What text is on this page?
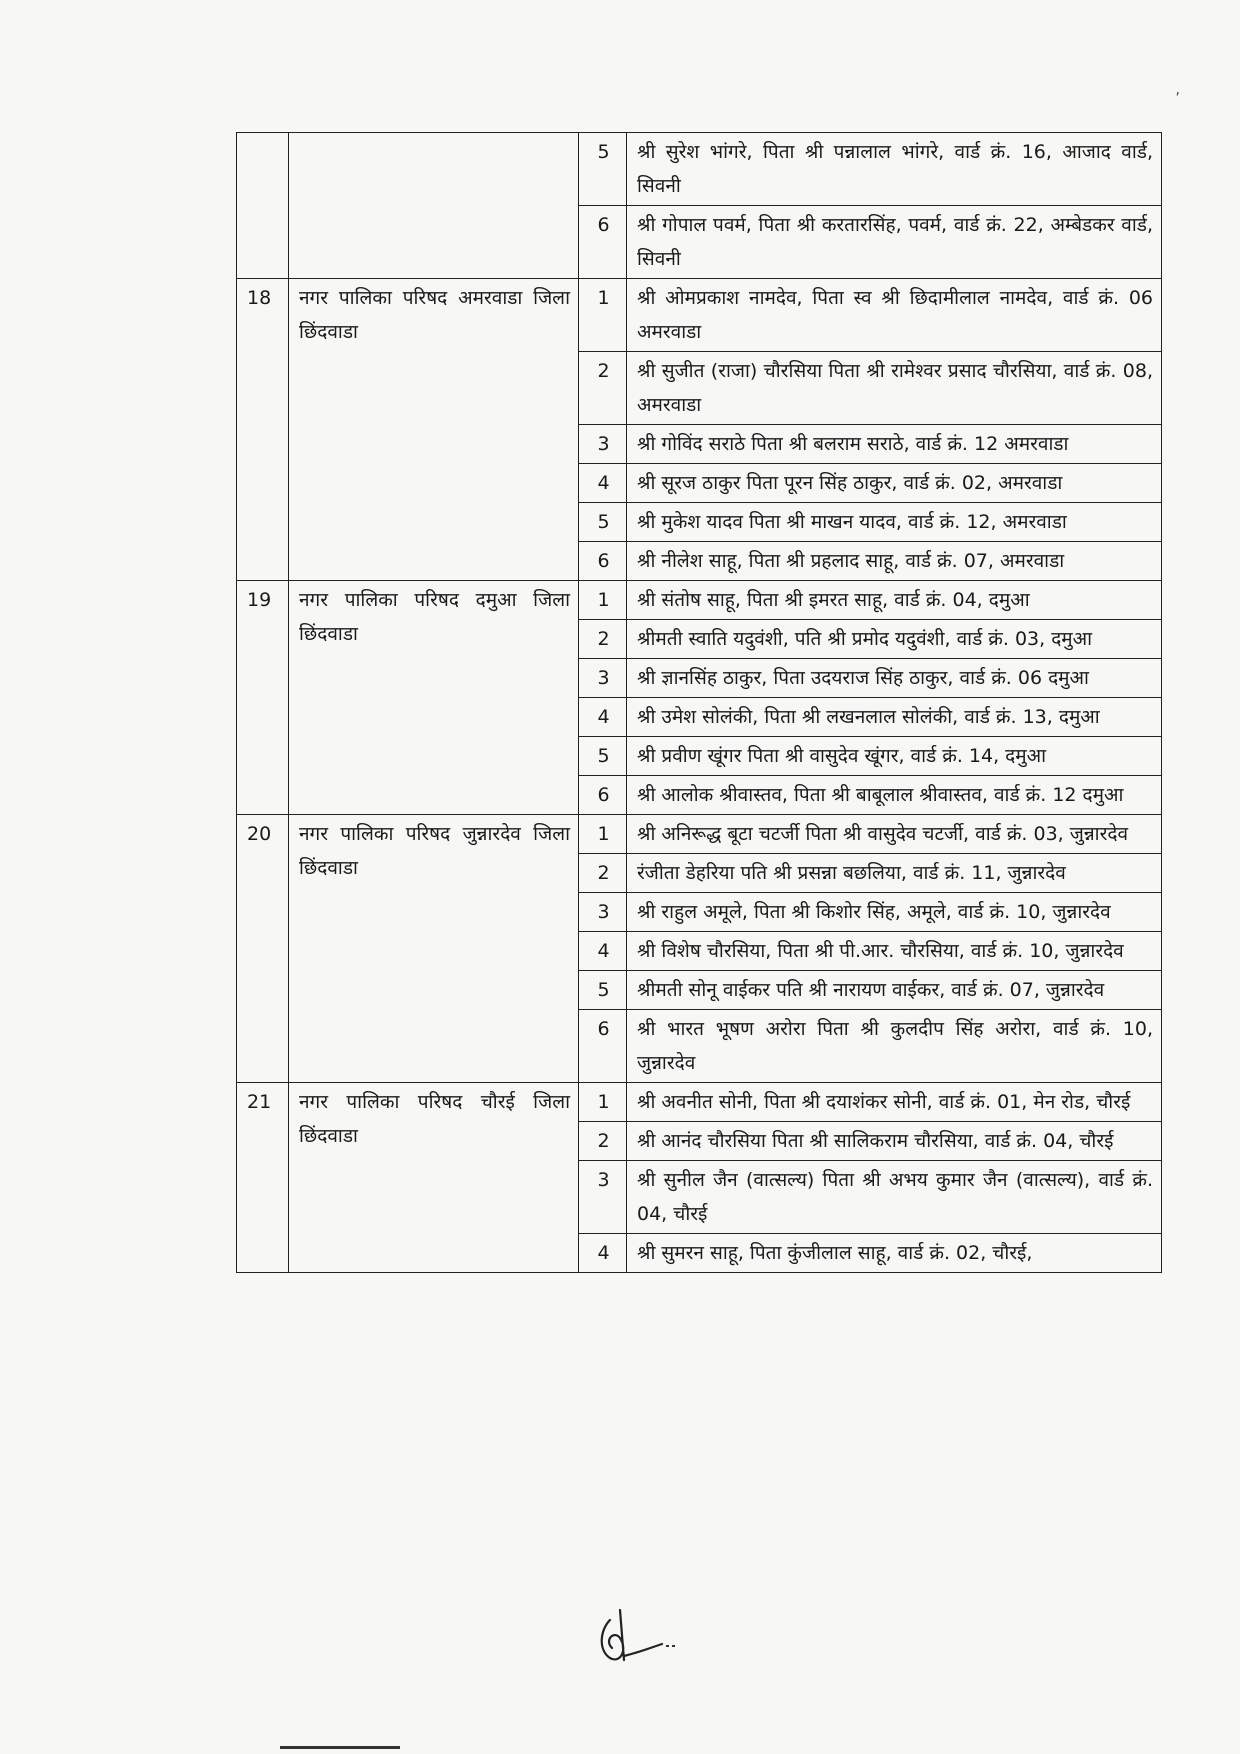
,
		5	श्री सुरेश भांगरे, पिता श्री पन्नालाल भांगरे, वार्ड क्रं. 16, आजाद वार्ड, सिवनी
		6	श्री गोपाल पवर्म, पिता श्री करतारसिंह, पवर्म, वार्ड क्रं. 22, अम्बेडकर वार्ड, सिवनी
18	नगर पालिका परिषद अमरवाडा जिला छिंदवाडा	1	श्री ओमप्रकाश नामदेव, पिता स्व श्री छिदामीलाल नामदेव, वार्ड क्रं. 06 अमरवाडा
		2	श्री सुजीत (राजा) चौरसिया पिता श्री रामेश्वर प्रसाद चौरसिया, वार्ड क्रं. 08, अमरवाडा
		3	श्री गोविंद सराठे पिता श्री बलराम सराठे, वार्ड क्रं. 12 अमरवाडा
		4	श्री सूरज ठाकुर पिता पूरन सिंह ठाकुर, वार्ड क्रं. 02, अमरवाडा
		5	श्री मुकेश यादव पिता श्री माखन यादव, वार्ड क्रं. 12, अमरवाडा
		6	श्री नीलेश साहू, पिता श्री प्रहलाद साहू, वार्ड क्रं. 07, अमरवाडा
19	नगर पालिका परिषद दमुआ जिला छिंदवाडा	1	श्री संतोष साहू, पिता श्री इमरत साहू, वार्ड क्रं. 04, दमुआ
		2	श्रीमती स्वाति यदुवंशी, पति श्री प्रमोद यदुवंशी, वार्ड क्रं. 03, दमुआ
		3	श्री ज्ञानसिंह ठाकुर, पिता उदयराज सिंह ठाकुर, वार्ड क्रं. 06 दमुआ
		4	श्री उमेश सोलंकी, पिता श्री लखनलाल सोलंकी, वार्ड क्रं. 13, दमुआ
		5	श्री प्रवीण खूंगर पिता श्री वासुदेव खूंगर, वार्ड क्रं. 14, दमुआ
		6	श्री आलोक श्रीवास्तव, पिता श्री बाबूलाल श्रीवास्तव, वार्ड क्रं. 12 दमुआ
20	नगर पालिका परिषद जुन्नारदेव जिला छिंदवाडा	1	श्री अनिरूद्ध बूटा चटर्जी पिता श्री वासुदेव चटर्जी, वार्ड क्रं. 03, जुन्नारदेव
		2	रंजीता डेहरिया पति श्री प्रसन्ना बछलिया, वार्ड क्रं. 11, जुन्नारदेव
		3	श्री राहुल अमूले, पिता श्री किशोर सिंह, अमूले, वार्ड क्रं. 10, जुन्नारदेव
		4	श्री विशेष चौरसिया, पिता श्री पी.आर. चौरसिया, वार्ड क्रं. 10, जुन्नारदेव
		5	श्रीमती सोनू वाईकर पति श्री नारायण वाईकर, वार्ड क्रं. 07, जुन्नारदेव
		6	श्री भारत भूषण अरोरा पिता श्री कुलदीप सिंह अरोरा, वार्ड क्रं. 10, जुन्नारदेव
21	नगर पालिका परिषद चौरई जिला छिंदवाडा	1	श्री अवनीत सोनी, पिता श्री दयाशंकर सोनी, वार्ड क्रं. 01, मेन रोड, चौरई
		2	श्री आनंद चौरसिया पिता श्री सालिकराम चौरसिया, वार्ड क्रं. 04, चौरई
		3	श्री सुनील जैन (वात्सल्य) पिता श्री अभय कुमार जैन (वात्सल्य), वार्ड क्रं. 04, चौरई
		4	श्री सुमरन साहू, पिता कुंजीलाल साहू, वार्ड क्रं. 02, चौरई,
